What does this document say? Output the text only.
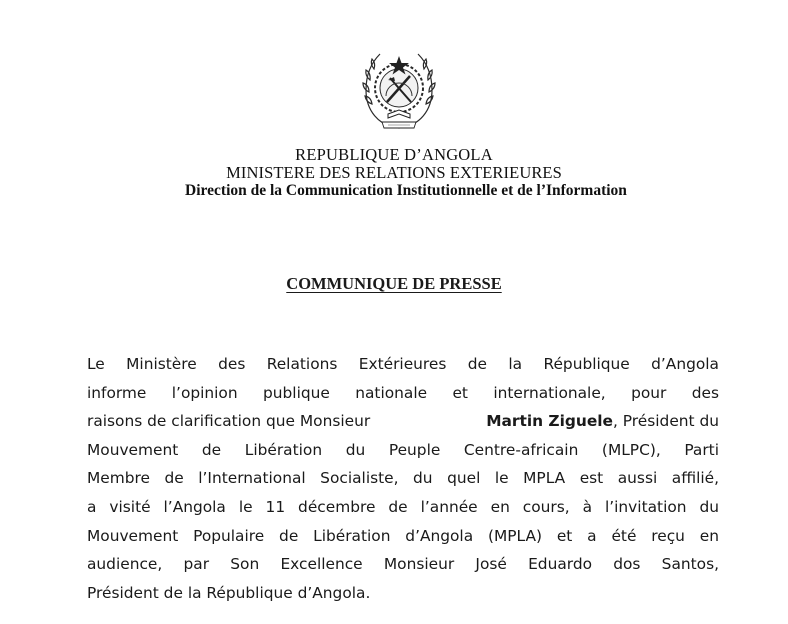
REPUBLIQUE D’ANGOLA
MINISTERE DES RELATIONS EXTERIEURES
Direction de la Communication Institutionnelle et de l’Information
COMMUNIQUE DE PRESSE
Le Ministère des Relations Extérieures de la République d’Angola
informe l’opinion publique nationale et internationale, pour des
raisons de clarification que Monsieur	Martin Ziguele, Président du
Mouvement de Libération du Peuple Centre-africain (MLPC), Parti
Membre de l’International Socialiste, du quel le MPLA est aussi affilié,
a visité l’Angola le 11 décembre de l’année en cours, à l’invitation du
Mouvement Populaire de Libération d’Angola (MPLA) et a été reçu en
audience, par Son Excellence Monsieur José Eduardo dos Santos,
Président de la République d’Angola.
